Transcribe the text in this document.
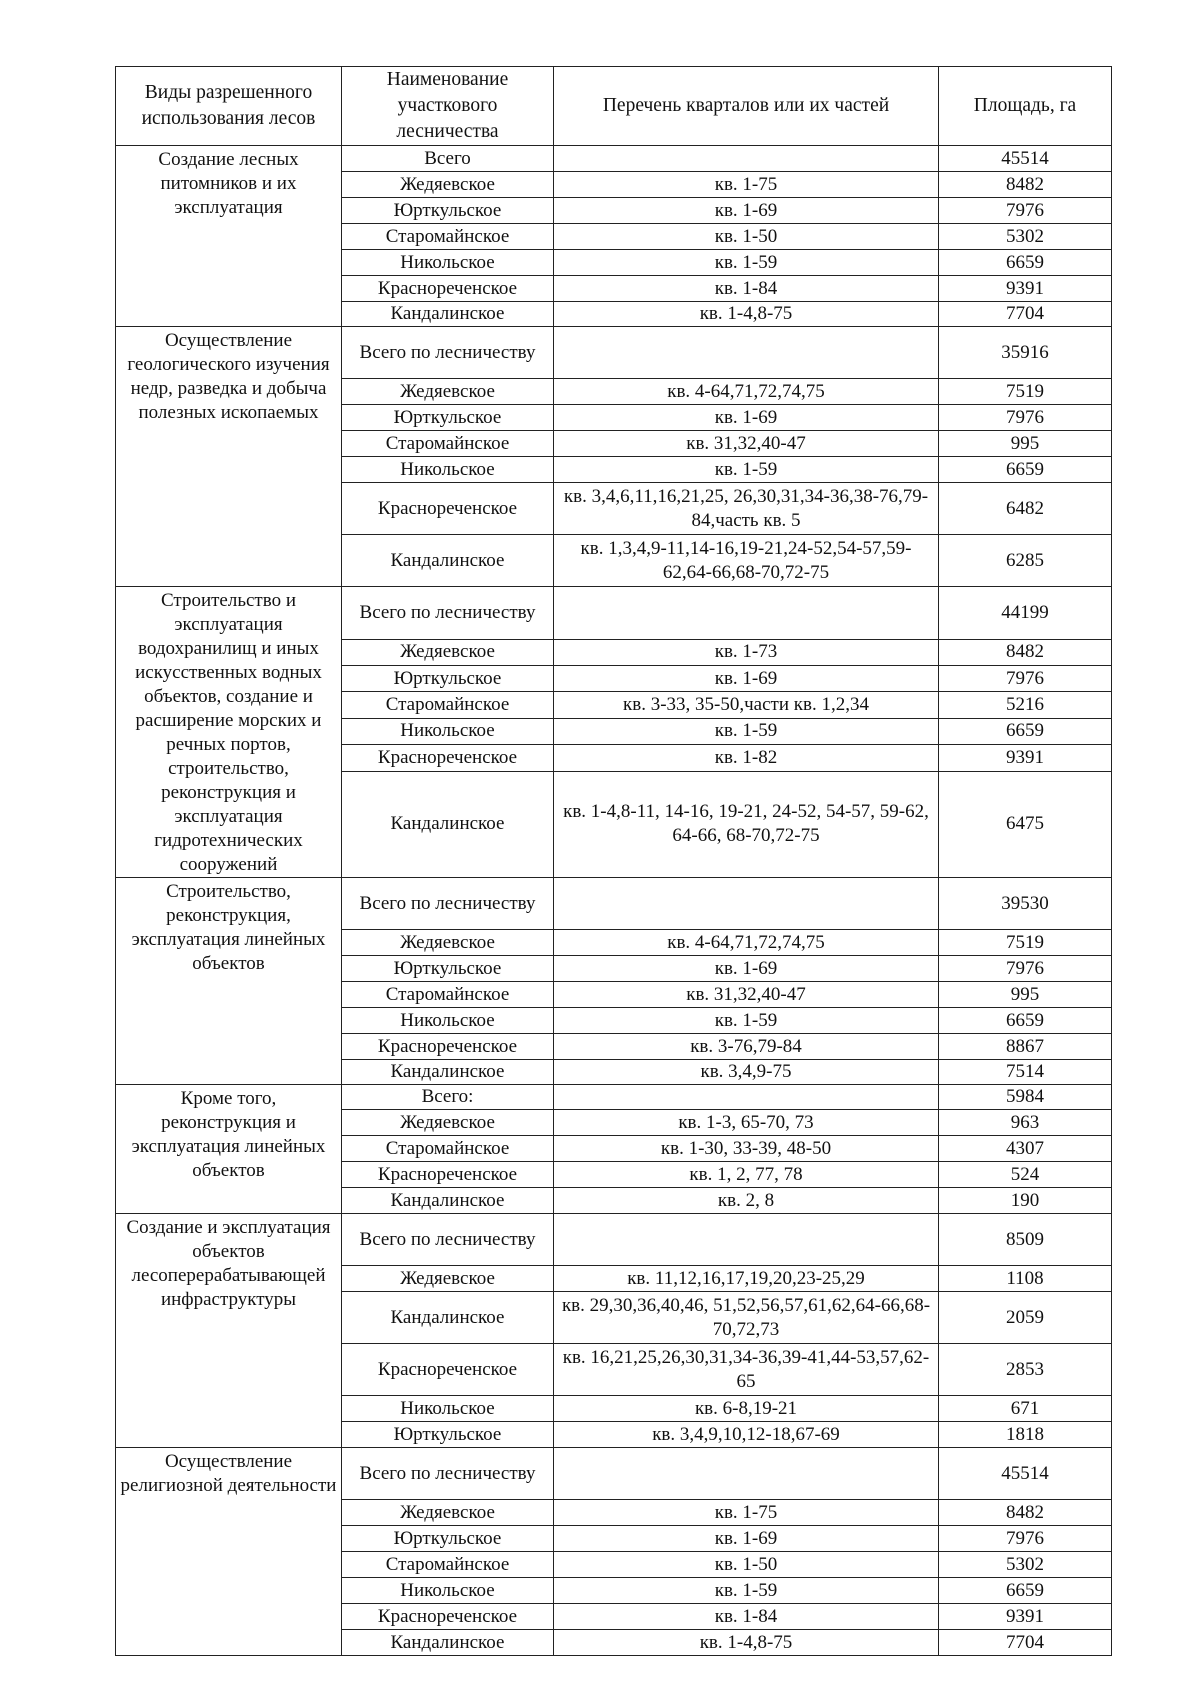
Виды разрешенного использования лесов	Наименование участкового лесничества	Перечень кварталов или их частей	Площадь, га
Создание лесных питомников и их эксплуатация	Всего		45514
	Жедяевское	кв. 1-75	8482
	Юрткульское	кв. 1-69	7976
	Старомайнское	кв. 1-50	5302
	Никольское	кв. 1-59	6659
	Краснореченское	кв. 1-84	9391
	Кандалинское	кв. 1-4,8-75	7704
Осуществление геологического изучения недр, разведка и добыча полезных ископаемых	Всего по лесничеству		35916
	Жедяевское	кв. 4-64,71,72,74,75	7519
	Юрткульское	кв. 1-69	7976
	Старомайнское	кв. 31,32,40-47	995
	Никольское	кв. 1-59	6659
	Краснореченское	кв. 3,4,6,11,16,21,25, 26,30,31,34-36,38-76,79-84,часть кв. 5	6482
	Кандалинское	кв. 1,3,4,9-11,14-16,19-21,24-52,54-57,59-62,64-66,68-70,72-75	6285
Строительство и эксплуатация водохранилищ и иных искусственных водных объектов, создание и расширение морских и речных портов, строительство, реконструкция и эксплуатация гидротехнических сооружений	Всего по лесничеству		44199
	Жедяевское	кв. 1-73	8482
	Юрткульское	кв. 1-69	7976
	Старомайнское	кв. 3-33, 35-50,части кв. 1,2,34	5216
	Никольское	кв. 1-59	6659
	Краснореченское	кв. 1-82	9391
	Кандалинское	кв. 1-4,8-11, 14-16, 19-21, 24-52, 54-57, 59-62, 64-66, 68-70,72-75	6475
Строительство, реконструкция, эксплуатация линейных объектов	Всего по лесничеству		39530
	Жедяевское	кв. 4-64,71,72,74,75	7519
	Юрткульское	кв. 1-69	7976
	Старомайнское	кв. 31,32,40-47	995
	Никольское	кв. 1-59	6659
	Краснореченское	кв. 3-76,79-84	8867
	Кандалинское	кв. 3,4,9-75	7514
Кроме того, реконструкция и эксплуатация линейных объектов	Всего:		5984
	Жедяевское	кв. 1-3, 65-70, 73	963
	Старомайнское	кв. 1-30, 33-39, 48-50	4307
	Краснореченское	кв. 1, 2, 77, 78	524
	Кандалинское	кв. 2, 8	190
Создание и эксплуатация объектов лесоперерабатывающей инфраструктуры	Всего по лесничеству		8509
	Жедяевское	кв. 11,12,16,17,19,20,23-25,29	1108
	Кандалинское	кв. 29,30,36,40,46, 51,52,56,57,61,62,64-66,68-70,72,73	2059
	Краснореченское	кв. 16,21,25,26,30,31,34-36,39-41,44-53,57,62-65	2853
	Никольское	кв. 6-8,19-21	671
	Юрткульское	кв. 3,4,9,10,12-18,67-69	1818
Осуществление религиозной деятельности	Всего по лесничеству		45514
	Жедяевское	кв. 1-75	8482
	Юрткульское	кв. 1-69	7976
	Старомайнское	кв. 1-50	5302
	Никольское	кв. 1-59	6659
	Краснореченское	кв. 1-84	9391
	Кандалинское	кв. 1-4,8-75	7704
